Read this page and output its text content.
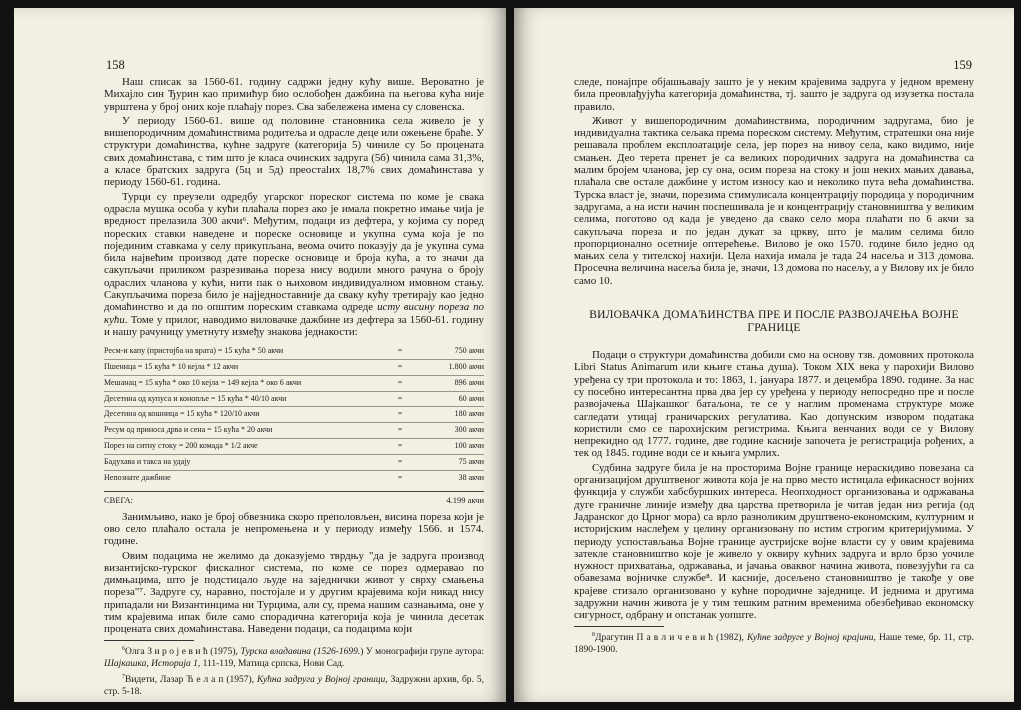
158

Наш списак за 1560-61. годину садржи једну кућу више. Вероватно је Михајло син Ђурин као примићур био ослобођен дажбина па његова кућа није уврштена у број оних које плаћају порез. Сва забележена имена су словенска.

У периоду 1560-61. више од половине становника села живело је у вишепородичним домаћинствима родитеља и одрасле деце или ожењене браће. У структури домаћинства, кућне задруге (категорија 5) чиниле су 5о процената свих домаћинстава, с тим што је класа очинских задруга (5б) чинила сама 31,3%, а класе братских задруга (5ц и 5д) преостаlих 18,7% свих домаћинстава у периоду 1560-61. година.

Турци су преузели одредбу угарског пореског система по коме је свака одрасла мушка особа у кући плаћала порез ако је имала покретно имање чија је вредност прелазила 300 акчи⁶. Међутим, подаци из дефтера, у којима су поред пореских ставки наведене и пореске основице и укупна сума која је по појединим ставкама у селу прикупљана, веома очито показују да је укупна сума била највећим производ дате пореске основице и броја кућа, а то значи да сакупљачи приликом разрезивања пореза нису водили много рачуна о броју одраслих чланова у кући, нити пак о њиховом индивидуалном имовном стању. Сакупљачима пореза било је најједноставније да сваку кућу третирају као једно домаћинство и да по општим пореским ставкама одреде исту висину пореза по кући. Томе у прилог, наводимо виловачке дажбине из дефтера за 1560-61. годину и нашу рачуницу уметнуту између знакова једнакости:

Ресм-и капу (пристојба на врата) = 15 кућа * 50 акчи	=	750 акчи
Пшеница = 15 кућа * 10 кејла * 12 акчи	=	1.800 акчи
Мешанац = 15 кућа * око 10 кејла = 149 кејла * око 6 акчи	=	896 акчи
Десетина од купуса и конопље = 15 кућа * 40/10 акчи	=	60 акчи
Десетина од кошница = 15 кућа * 120/10 акчи	=	180 акчи
Ресум од приноса дрва и сена = 15 кућа * 20 акчи	=	300 акчи
Порез на ситну стоку = 200 комада * 1/2 акче	=	100 акчи
Бадухава и такса на удају	=	75 акчи
Непознате дажбине	=	38 акчи
СВЕГА:	4.199 акчи

Занимљиво, иако је број обвезника скоро преполовљен, висина пореза који је ово село плаћало остала је непромењена и у периоду између 1566. и 1574. године.

Овим подацима не желимо да доказујемо тврдњу "да је задруга производ византијско-турског фискалног система, по коме се порез одмеравао по димњацима, што је подстицало људе на заједнички живот у сврху смањења пореза"⁷. Задруге су, наравно, постојале и у другим крајевима који никад нису припадали ни Византинцима ни Турцима, али су, према нашим сазнањима, оне у тим крајевима ипак биле само спорадична категорија која је чинила десетак процената свих домаћинстава. Наведени подаци, са подацима који

$^6$Олга З и р о ј е в и ћ (1975), Турска владавина (1526-1699.) У монографији групе аутора: Шајкашка, Историја 1, 111-119, Матица српска, Нови Сад.

$^7$Видети, Лазар Ћ е л а п (1957), Кућна задруга у Војној граници, Задружни архив, бр. 5, стр. 5-18.

159

следе, понајпре објашњавају зашто је у неким крајевима задруга у једном времену била преовлађујућа категорија домаћинства, тј. зашто је задруга од изузетка постала правило.

Живот у вишепородичним домаћинствима, породичним задругама, био је индивидуална тактика сељака према пореском систему. Међутим, стратешки она није решавала проблем експлоатације села, јер порез на нивоу села, како видимо, није смањен. Део терета пренет је са великих породичних задруга на домаћинства са малим бројем чланова, јер су она, осим пореза на стоку и још неких мањих давања, плаћала све остале дажбине у истом износу као и неколико пута већа домаћинства. Турска власт је, значи, порезима стимулисала концентрацију породица у породичним задругама, а на исти начин поспешивала је и концентрацију становништва у великим селима, поготово од када је уведено да свако село мора плаћати по 6 акчи за сакупљача пореза и по један дукат за цркву, што је малим селима било пропорционално осетније оптерећење. Вилово је око 1570. године било једно од мањих села у тителској нахији. Цела нахија имала је тада 24 насеља и 313 домова. Просечна величина насеља била је, значи, 13 домова по насељу, а у Вилову их је било само 10.

ВИЛОВАЧКА ДОМАЋИНСТВА ПРЕ И ПОСЛЕ РАЗВОЈАЧЕЊА ВОЈНЕ ГРАНИЦЕ

Подаци о структури домаћинства добили смо на основу тзв. домовних протокола Libri Status Animarum или књиге стања душа). Током XIX века у парохији Вилово уређена су три протокола и то: 1863, 1. јануара 1877. и децембра 1890. године. За нас су посебно интересантна прва два јер су уређена у периоду непосредно пре и после развојачења Шајкашког батаљона, те се у наглим променама структуре може сагледати утицај граничарских регулатива. Као допунским извором података користили смо се парохијским регистрима. Књига венчаних води се у Вилову непрекидно од 1777. године, две године касније започета је регистрација рођених, а тек од 1845. године води се и књига умрлих.

Судбина задруге била је на просторима Војне границе нераскидиво повезана са организацијом друштвеног живота која је на прво место истицала ефикасност војних функција у служби хабсбуршких интереса. Неопходност организовања и одржавања дуге граничне линије између два царства претворила је читав један низ регија (од Јадранског до Црног мора) са врло разноликим друштвено-економским, културним и историјским наслеђем у целину организовану по истим строгим критеријумима. У периоду успостављања Војне границе аустријске војне власти су у овим крајевима затекле становништво које је живело у оквиру кућних задруга и врло брзо уочиле нужност прихватања, одржавања, и јачања оваквог начина живота, повезујући га са обавезама војничке службе⁸. И касније, досељено становништво је такође у ове крајеве стизало организовано у кућне породичне заједнице. И једнима и другима задружни начин живота је у тим тешким ратним временима обезбеђивао економску сигурност, одбрану и опстанак уопште.

$^8$Драгутин П а в л и ч е в и ћ (1982), Кућне задруге у Војној крајини, Наше теме, бр. 11, стр. 1890-1900.
